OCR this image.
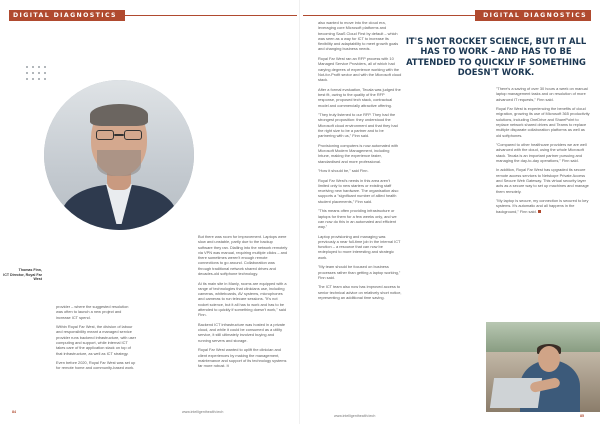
DIGITAL DIAGNOSTICS
Thomas Finn,
ICT Director, Royal Far West

provider – where the suggested resolution was often to launch a new project and increase ICT spend.

Within Royal Far West, the division of labour and responsibility meant a managed service provider runs backend infrastructure, with user computing and support, while internal ICT takes care of the application stack on top of that infrastructure, as well as ICT strategy.

Even before 2020, Royal Far West was set up for remote home and community-based work.

But there was room for improvement. Laptops were slow and unstable, partly due to the backup software they ran. Dialling into the network remotely via VPN was manual, requiring multiple clicks – and there sometimes weren't enough remote connections to go around. Collaboration was through traditional network shared drives and decades-old softphone technology.

At its main site in Manly, rooms are equipped with a range of technologies that clinicians use, including cameras, whiteboards, AV systems, microphones and cameras to run telecare sessions. "It's not rocket science, but it all has to work and has to be attended to quickly if something doesn't work," said Finn.

Backend ICT infrastructure was hosted in a private cloud, and while it could be consumed as a utility service, it still ultimately involved buying and running servers and storage.

Royal Far West wanted to uplift the clinician and client experiences by making the management, maintenance and support of its technology systems far more robust. It

84	www.intelligenthealth.tech
DIGITAL DIAGNOSTICS

also wanted to move into the cloud era, leveraging core Microsoft platforms and becoming SaaS Cloud First by default – which was seen as a way for ICT to increase its flexibility and adaptability to meet growth goals and changing business needs.

Royal Far West ran an RFP process with 10 Managed Service Providers, all of which had varying degrees of experience working with the Not-for-Profit sector and with the Microsoft cloud stack.

After a formal evaluation, Tecala was judged the best fit, owing to the quality of the RFP response, proposed tech stack, contractual model and commercially attractive offering.

"They truly listened to our RFP. They had the strongest proposition: they understood the Microsoft cloud environment and that they had the right size to be a partner and to be partnering with us," Finn said.

Provisioning computers is now automated with Microsoft Modern Management, including Intune, making the experience faster, standardised and more professional.

"How it should be," said Finn.

Royal Far West's needs in this area aren't limited only to new starters or existing staff receiving new hardware. The organisation also supports a "significant number of allied health student placements," Finn said.

"This means often providing infrastructure or laptops for them for a few weeks only, and we can now do this in an automated and efficient way."

Laptop provisioning and managing was previously a near full-time job in the internal ICT function – a resource that can now be redeployed to more interesting and strategic work.

"My team should be focused on business processes rather than getting a laptop working," Finn said.

The ICT team also now has improved access to senior technical advice on relatively short notice, representing an additional time saving.

IT'S NOT ROCKET SCIENCE, BUT IT ALL HAS TO WORK – AND HAS TO BE ATTENDED TO QUICKLY IF SOMETHING DOESN'T WORK.

"There's a saving of over 30 hours a week on manual laptop management tasks and on resolution of more advanced IT requests," Finn said.

Royal Far West is experiencing the benefits of cloud migration, growing its use of Microsoft 365 productivity solutions, including OneDrive and SharePoint to replace network shared drives and Teams to replace multiple disparate collaboration platforms as well as old softphones.

"Compared to other healthcare providers we are well advanced with the cloud, using the whole Microsoft stack. Tecala is an important partner pursuing and managing the day-to-day operations," Finn said.

In addition, Royal Far West has upgraded its secure remote access services to Netskope Private Access and Secure Web Gateway. This virtual security layer acts as a secure way to set up machines and manage them remotely.

"My laptop is secure, my connection is secured to key systems. It's automatic and all happens in the background," Finn said.

www.intelligenthealth.tech	85
